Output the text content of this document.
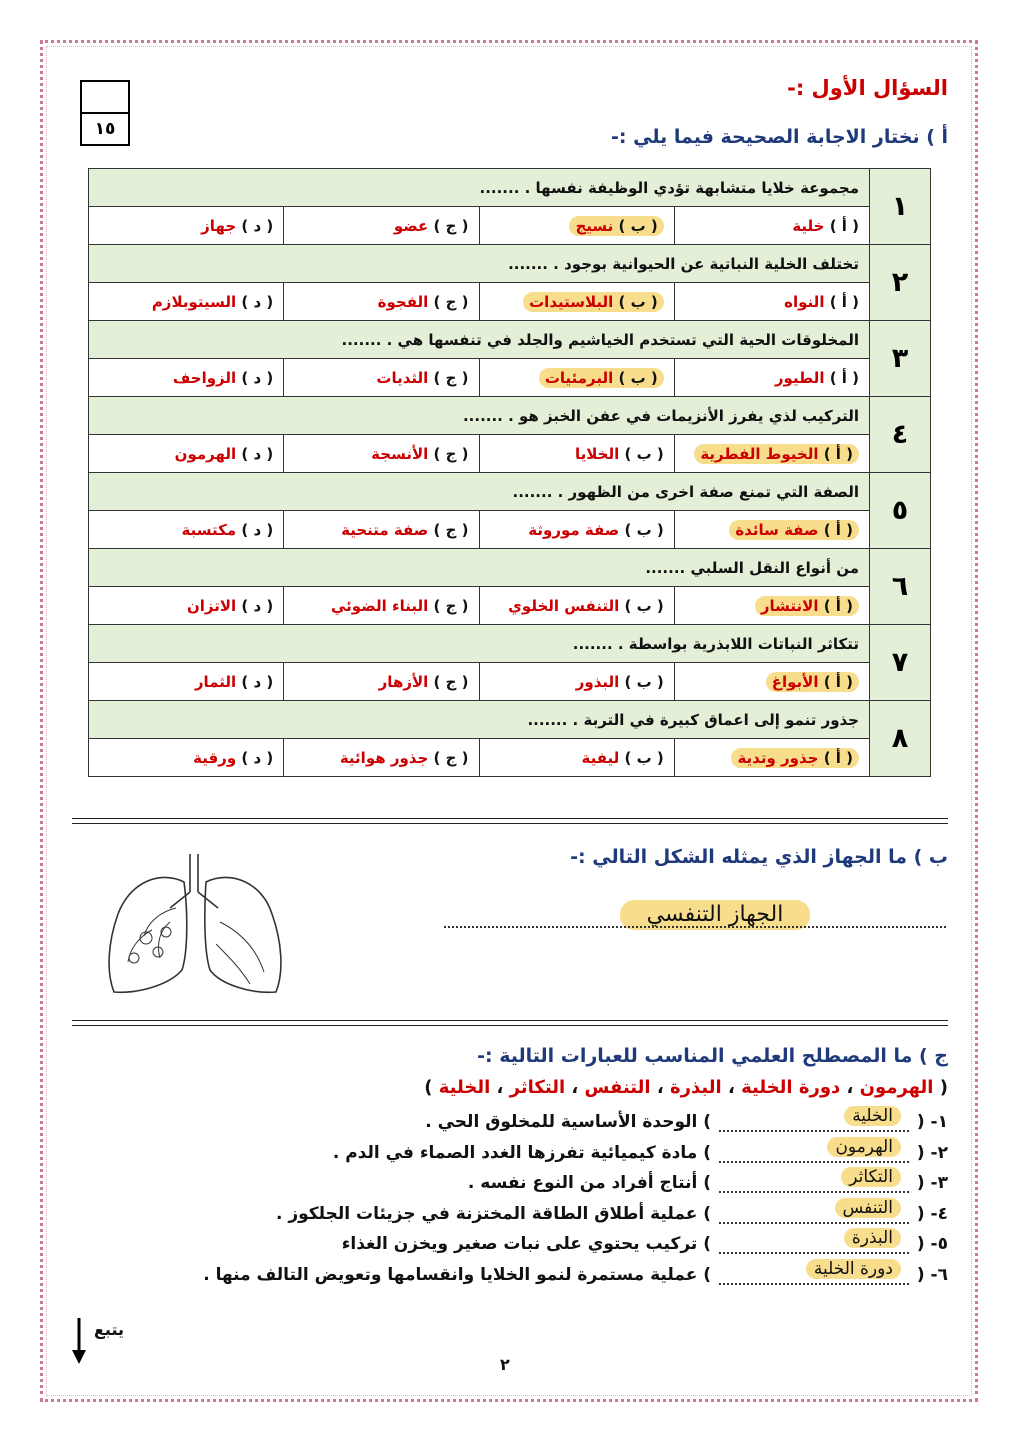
١٥
السؤال الأول :-
أ ) نختار الاجابة الصحيحة فيما يلي :-
١	مجموعة خلايا متشابهة تؤدي الوظيفة نفسها . .......			
	( أ ) خلية	( ب ) نسيج	( ج ) عضو	( د ) جهاز
٢	تختلف الخلية النباتية عن الحيوانية بوجود . .......			
	( أ ) النواه	( ب ) البلاستيدات	( ج ) الفجوة	( د ) السيتوبلازم
٣	المخلوقات الحية التي تستخدم الخياشيم والجلد في تنفسها هي . .......			
	( أ ) الطيور	( ب ) البرمئيات	( ج ) الثديات	( د ) الزواحف
٤	التركيب لذي يفرز الأنزيمات في عفن الخبز هو . .......			
	( أ ) الخيوط الفطرية	( ب ) الخلايا	( ج ) الأنسجة	( د ) الهرمون
٥	الصفة التي تمنع صفة اخرى من الظهور . .......			
	( أ ) صفة سائدة	( ب ) صفة موروثة	( ج ) صفة متنحية	( د ) مكتسبة
٦	من أنواع النقل السلبي .......			
	( أ ) الانتشار	( ب ) التنفس الخلوي	( ج ) البناء الضوئي	( د ) الاتزان
٧	تتكاثر النباتات اللابذرية بواسطة . .......			
	( أ ) الأبواغ	( ب ) البذور	( ج ) الأزهار	( د ) الثمار
٨	جذور تنمو إلى اعماق كبيرة في التربة . .......			
	( أ ) جذور وتدية	( ب ) ليفية	( ج ) جذور هوائية	( د ) ورقية
ب ) ما الجهاز الذي يمثله الشكل التالي :-
الجهاز التنفسي
ج ) ما المصطلح العلمي المناسب للعبارات التالية :-
( الهرمون ، دورة الخلية ، البذرة ، التنفس ، التكاثر ، الخلية )
١- (
الخلية
) الوحدة الأساسية للمخلوق الحي .
٢- (
الهرمون
) مادة كيميائية تفرزها الغدد الصماء في الدم .
٣- (
التكاثر
) أنتاج أفراد من النوع نفسه .
٤- (
التنفس
) عملية أطلاق الطاقة المختزنة في جزيئات الجلكوز .
٥- (
البذرة
) تركيب يحتوي على نبات صغير ويخزن الغذاء
٦- (
دورة الخلية
) عملية مستمرة لنمو الخلايا وانقسامها وتعويض التالف منها .
يتبع
٢
